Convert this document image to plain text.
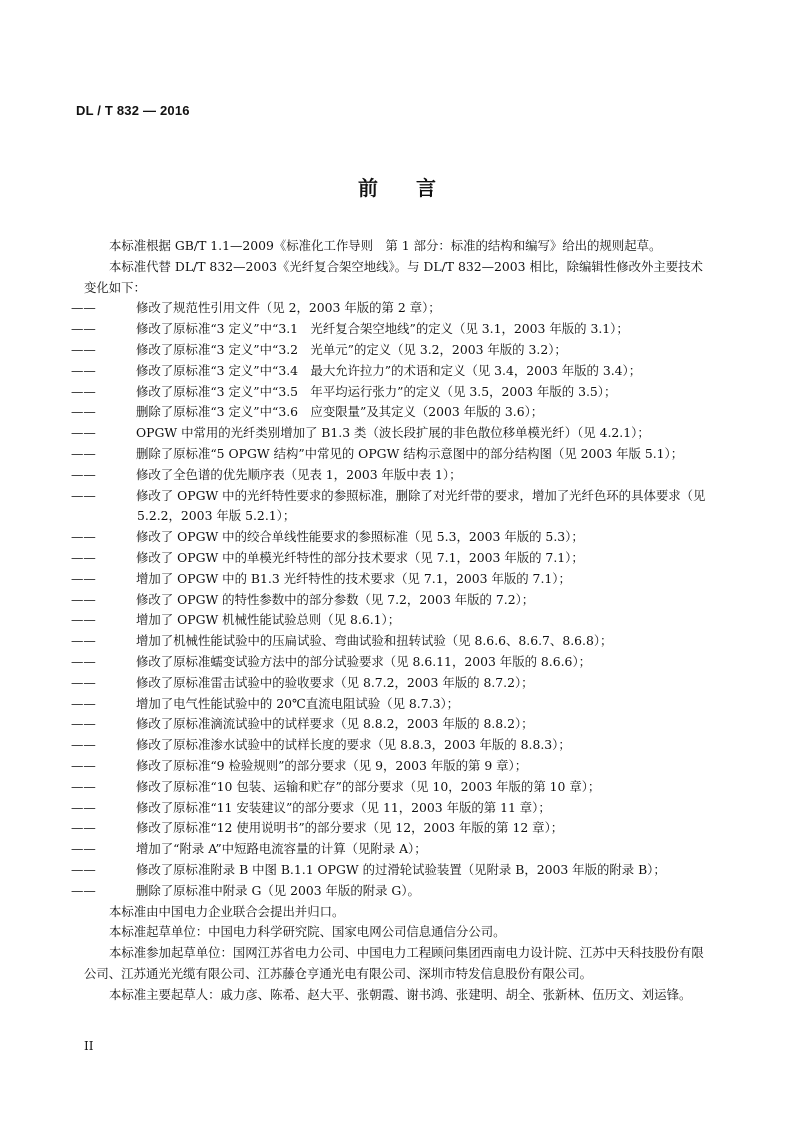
DL / T 832 — 2016
前言

本标准根据 GB/T 1.1—2009《标准化工作导则　第 1 部分：标准的结构和编写》给出的规则起草。

本标准代替 DL/T 832—2003《光纤复合架空地线》。与 DL/T 832—2003 相比，除编辑性修改外主要技术变化如下：

——	修改了规范性引用文件（见 2，2003 年版的第 2 章）；

——	修改了原标准“3 定义”中“3.1　光纤复合架空地线”的定义（见 3.1，2003 年版的 3.1）；

——	修改了原标准“3 定义”中“3.2　光单元”的定义（见 3.2，2003 年版的 3.2）；

——	修改了原标准“3 定义”中“3.4　最大允许拉力”的术语和定义（见 3.4，2003 年版的 3.4）；

——	修改了原标准“3 定义”中“3.5　年平均运行张力”的定义（见 3.5，2003 年版的 3.5）；

——	删除了原标准“3 定义”中“3.6　应变限量”及其定义（2003 年版的 3.6）；

——	OPGW 中常用的光纤类别增加了 B1.3 类（波长段扩展的非色散位移单模光纤）（见 4.2.1）；

——	删除了原标准“5 OPGW 结构”中常见的 OPGW 结构示意图中的部分结构图（见 2003 年版 5.1）；

——	修改了全色谱的优先顺序表（见表 1，2003 年版中表 1）；

——	修改了 OPGW 中的光纤特性要求的参照标准，删除了对光纤带的要求，增加了光纤色环的具体要求（见 5.2.2，2003 年版 5.2.1）；

——	修改了 OPGW 中的绞合单线性能要求的参照标准（见 5.3，2003 年版的 5.3）；

——	修改了 OPGW 中的单模光纤特性的部分技术要求（见 7.1，2003 年版的 7.1）；

——	增加了 OPGW 中的 B1.3 光纤特性的技术要求（见 7.1，2003 年版的 7.1）；

——	修改了 OPGW 的特性参数中的部分参数（见 7.2，2003 年版的 7.2）；

——	增加了 OPGW 机械性能试验总则（见 8.6.1）；

——	增加了机械性能试验中的压扁试验、弯曲试验和扭转试验（见 8.6.6、8.6.7、8.6.8）；

——	修改了原标准蠕变试验方法中的部分试验要求（见 8.6.11，2003 年版的 8.6.6）；

——	修改了原标准雷击试验中的验收要求（见 8.7.2，2003 年版的 8.7.2）；

——	增加了电气性能试验中的 20℃直流电阻试验（见 8.7.3）；

——	修改了原标准滴流试验中的试样要求（见 8.8.2，2003 年版的 8.8.2）；

——	修改了原标准渗水试验中的试样长度的要求（见 8.8.3，2003 年版的 8.8.3）；

——	修改了原标准“9 检验规则”的部分要求（见 9，2003 年版的第 9 章）；

——	修改了原标准“10 包装、运输和贮存”的部分要求（见 10，2003 年版的第 10 章）；

——	修改了原标准“11 安装建议”的部分要求（见 11，2003 年版的第 11 章）；

——	修改了原标准“12 使用说明书”的部分要求（见 12，2003 年版的第 12 章）；

——	增加了“附录 A”中短路电流容量的计算（见附录 A）；

——	修改了原标准附录 B 中图 B.1.1 OPGW 的过滑轮试验装置（见附录 B，2003 年版的附录 B）；

——	删除了原标准中附录 G（见 2003 年版的附录 G）。

本标准由中国电力企业联合会提出并归口。

本标准起草单位：中国电力科学研究院、国家电网公司信息通信分公司。

本标准参加起草单位：国网江苏省电力公司、中国电力工程顾问集团西南电力设计院、江苏中天科技股份有限公司、江苏通光光缆有限公司、江苏藤仓亨通光电有限公司、深圳市特发信息股份有限公司。

本标准主要起草人：戚力彦、陈希、赵大平、张朝霞、谢书鸿、张建明、胡全、张新林、伍历文、刘运锋。

II
